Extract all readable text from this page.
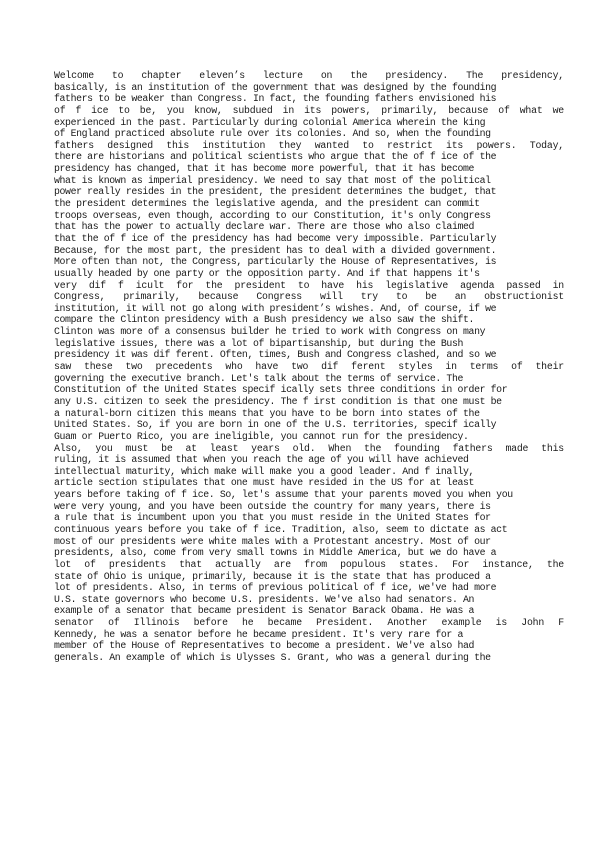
Welcome to chapter eleven’s lecture on the presidency. The presidency,
basically, is an institution of the government that was designed by the founding
fathers to be weaker than Congress. In fact, the founding fathers envisioned his
of f ice to be, you know, subdued in its powers, primarily, because of what we
experienced in the past. Particularly during colonial America wherein the king
of England practiced absolute rule over its colonies. And so, when the founding
fathers designed this institution they wanted to restrict its powers. Today,
there are historians and political scientists who argue that the of f ice of the
presidency has changed, that it has become more powerful, that it has become
what is known as imperial presidency. We need to say that most of the political
power really resides in the president, the president determines the budget, that
the president determines the legislative agenda, and the president can commit
troops overseas, even though, according to our Constitution, it's only Congress
that has the power to actually declare war. There are those who also claimed
that the of f ice of the presidency has had become very impossible. Particularly
Because, for the most part, the president has to deal with a divided government.
More often than not, the Congress, particularly the House of Representatives, is
usually headed by one party or the opposition party. And if that happens it's
very dif f icult for the president to have his legislative agenda passed in
Congress, primarily, because Congress will try to be an obstructionist
institution, it will not go along with president’s wishes. And, of course, if we
compare the Clinton presidency with a Bush presidency we also saw the shift.
Clinton was more of a consensus builder he tried to work with Congress on many
legislative issues, there was a lot of bipartisanship, but during the Bush
presidency it was dif ferent. Often, times, Bush and Congress clashed, and so we
saw these two precedents who have two dif ferent styles in terms of their
governing the executive branch. Let's talk about the terms of service. The
Constitution of the United States specif ically sets three conditions in order for
any U.S. citizen to seek the presidency. The f irst condition is that one must be
a natural-born citizen this means that you have to be born into states of the
United States. So, if you are born in one of the U.S. territories, specif ically
Guam or Puerto Rico, you are ineligible, you cannot run for the presidency.
Also, you must be at least years old. When the founding fathers made this
ruling, it is assumed that when you reach the age of you will have achieved
intellectual maturity, which make will make you a good leader. And f inally,
article section stipulates that one must have resided in the US for at least
years before taking of f ice. So, let's assume that your parents moved you when you
were very young, and you have been outside the country for many years, there is
a rule that is incumbent upon you that you must reside in the United States for
continuous years before you take of f ice. Tradition, also, seem to dictate as act
most of our presidents were white males with a Protestant ancestry. Most of our
presidents, also, come from very small towns in Middle America, but we do have a
lot of presidents that actually are from populous states. For instance, the
state of Ohio is unique, primarily, because it is the state that has produced a
lot of presidents. Also, in terms of previous political of f ice, we've had more
U.S. state governors who become U.S. presidents. We've also had senators. An
example of a senator that became president is Senator Barack Obama. He was a
senator of Illinois before he became President. Another example is John F
Kennedy, he was a senator before he became president. It's very rare for a
member of the House of Representatives to become a president. We've also had
generals. An example of which is Ulysses S. Grant, who was a general during the
